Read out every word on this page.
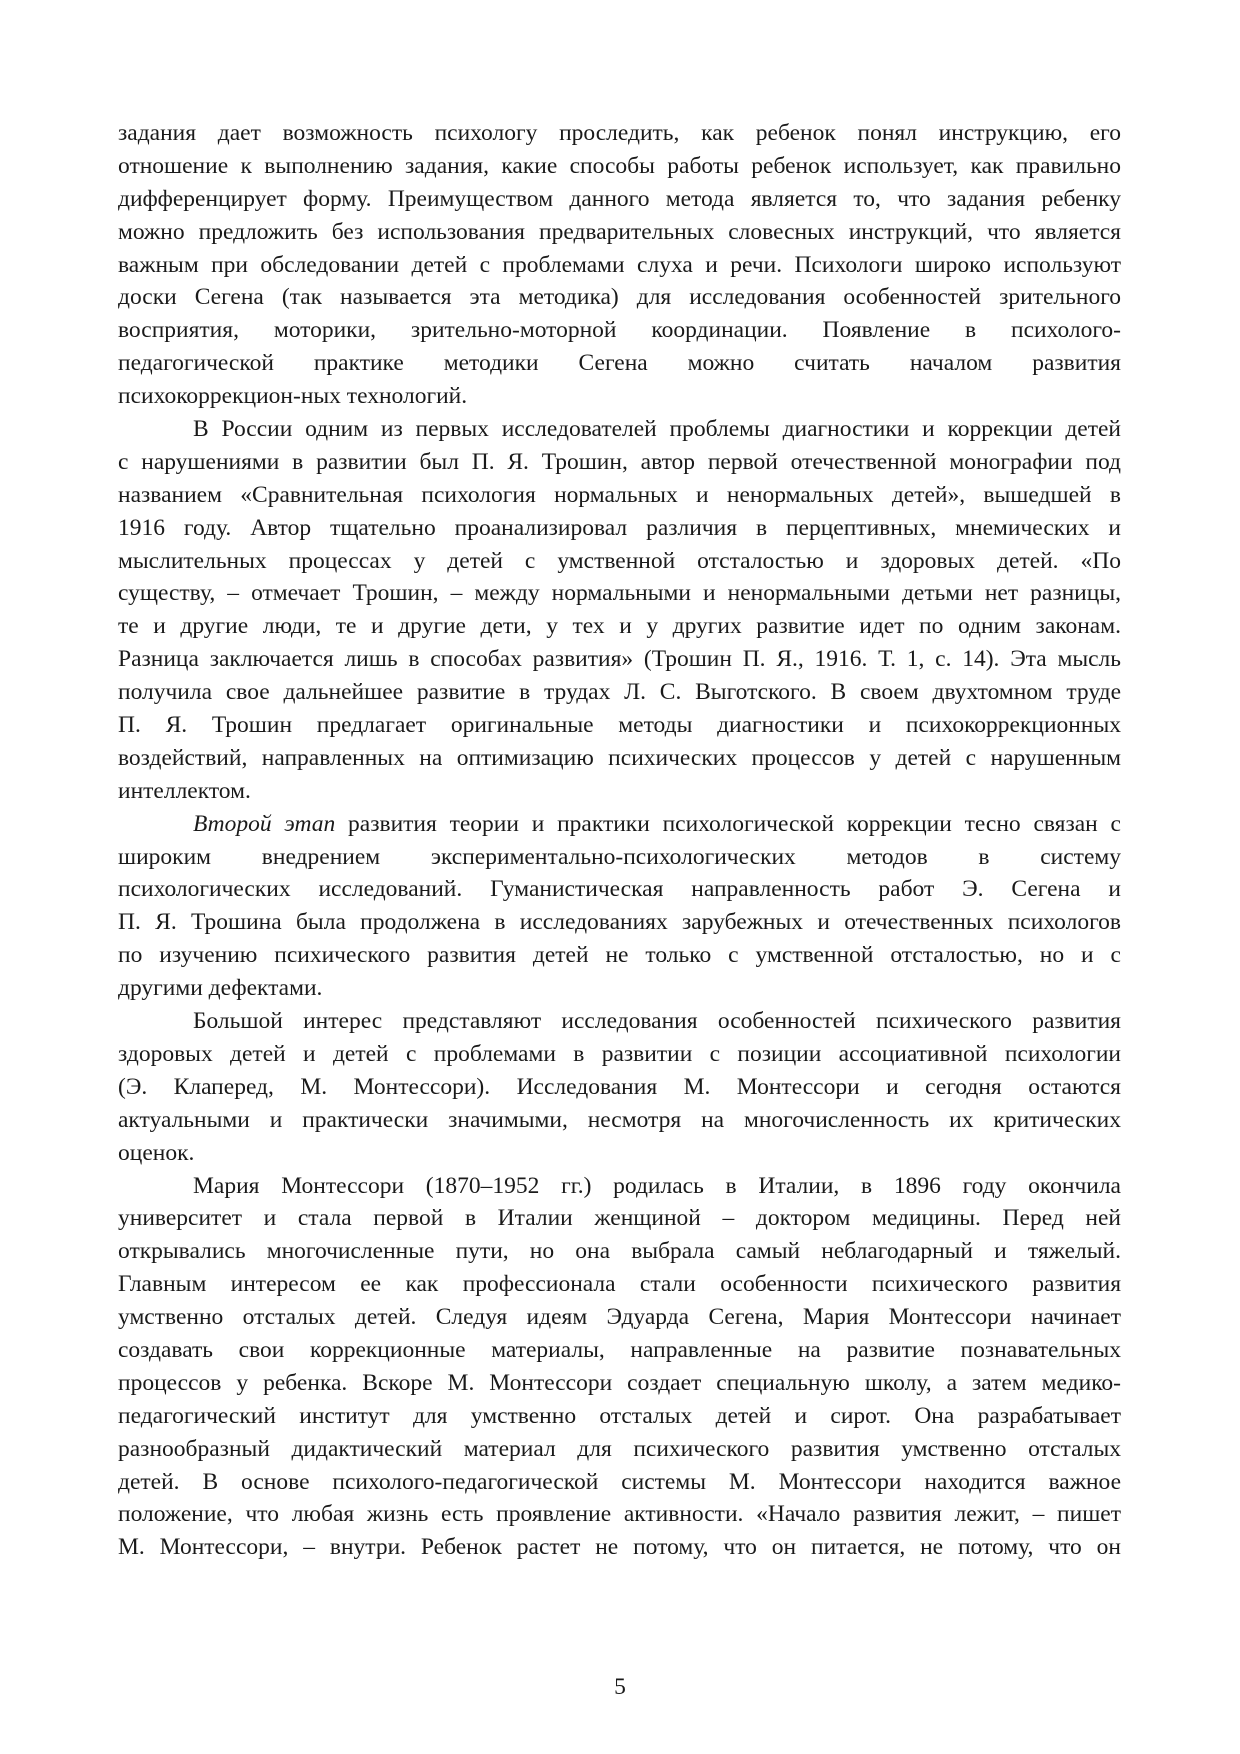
задания дает возможность психологу проследить, как ребенок понял инструкцию, его
отношение к выполнению задания, какие способы работы ребенок использует, как правильно
дифференцирует форму. Преимуществом данного метода является то, что задания ребенку
можно предложить без использования предварительных словесных инструкций, что является
важным при обследовании детей с проблемами слуха и речи. Психологи широко используют
доски Сегена (так называется эта методика) для исследования особенностей зрительного
восприятия, моторики, зрительно-моторной координации. Появление в психолого-
педагогической практике методики Сегена можно считать началом развития
психокоррекцион-ных технологий.
В России одним из первых исследователей проблемы диагностики и коррекции детей
с нарушениями в развитии был П. Я. Трошин, автор первой отечественной монографии под
названием «Сравнительная психология нормальных и ненормальных детей», вышедшей в
1916 году. Автор тщательно проанализировал различия в перцептивных, мнемических и
мыслительных процессах у детей с умственной отсталостью и здоровых детей. «По
существу, – отмечает Трошин, – между нормальными и ненормальными детьми нет разницы,
те и другие люди, те и другие дети, у тех и у других развитие идет по одним законам.
Разница заключается лишь в способах развития» (Трошин П. Я., 1916. Т. 1, с. 14). Эта мысль
получила свое дальнейшее развитие в трудах Л. С. Выготского. В своем двухтомном труде
П. Я. Трошин предлагает оригинальные методы диагностики и психокоррекционных
воздействий, направленных на оптимизацию психических процессов у детей с нарушенным
интеллектом.
Второй этап развития теории и практики психологической коррекции тесно связан с
широким внедрением экспериментально-психологических методов в систему
психологических исследований. Гуманистическая направленность работ Э. Сегена и
П. Я. Трошина была продолжена в исследованиях зарубежных и отечественных психологов
по изучению психического развития детей не только с умственной отсталостью, но и с
другими дефектами.
Большой интерес представляют исследования особенностей психического развития
здоровых детей и детей с проблемами в развитии с позиции ассоциативной психологии
(Э. Клаперед, М. Монтессори). Исследования М. Монтессори и сегодня остаются
актуальными и практически значимыми, несмотря на многочисленность их критических
оценок.
Мария Монтессори (1870–1952 гг.) родилась в Италии, в 1896 году окончила
университет и стала первой в Италии женщиной – доктором медицины. Перед ней
открывались многочисленные пути, но она выбрала самый неблагодарный и тяжелый.
Главным интересом ее как профессионала стали особенности психического развития
умственно отсталых детей. Следуя идеям Эдуарда Сегена, Мария Монтессори начинает
создавать свои коррекционные материалы, направленные на развитие познавательных
процессов у ребенка. Вскоре М. Монтессори создает специальную школу, а затем медико-
педагогический институт для умственно отсталых детей и сирот. Она разрабатывает
разнообразный дидактический материал для психического развития умственно отсталых
детей. В основе психолого-педагогической системы М. Монтессори находится важное
положение, что любая жизнь есть проявление активности. «Начало развития лежит, – пишет
М. Монтессори, – внутри. Ребенок растет не потому, что он питается, не потому, что он
5
